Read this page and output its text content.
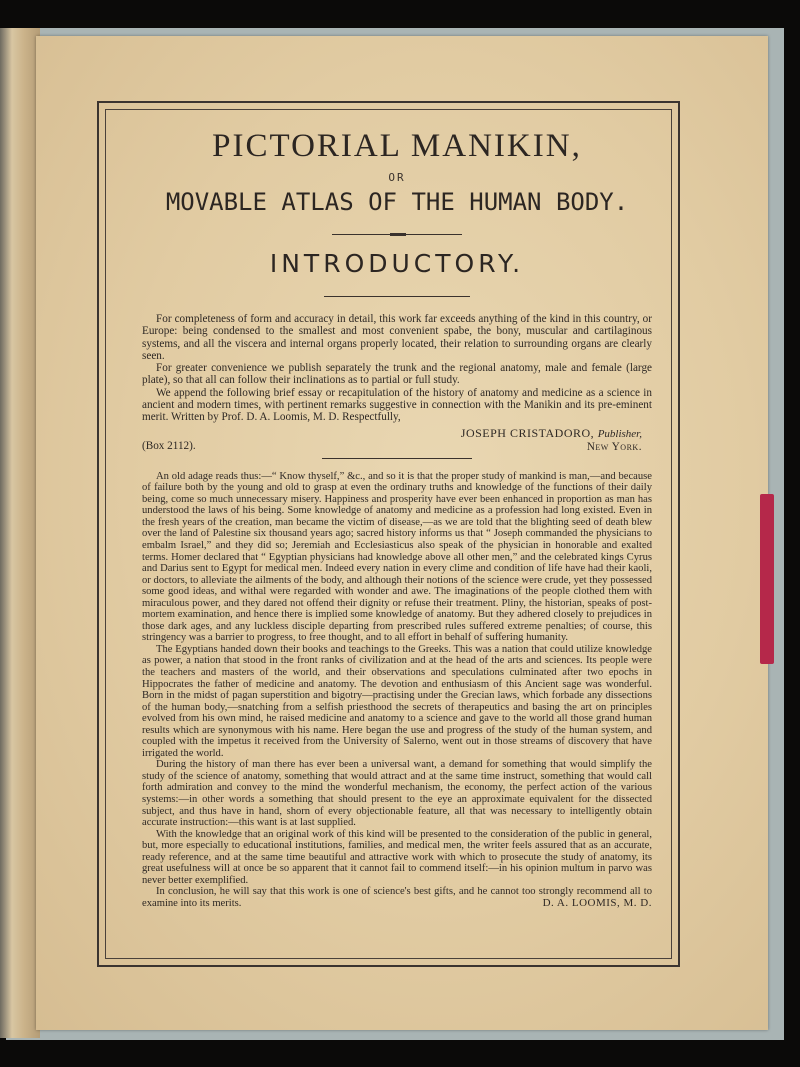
PICTORIAL MANIKIN,
OR
MOVABLE ATLAS OF THE HUMAN BODY.
INTRODUCTORY.

For completeness of form and accuracy in detail, this work far exceeds anything of the kind in this country, or Europe: being condensed to the smallest and most convenient spabe, the bony, muscular and cartilaginous systems, and all the viscera and internal organs properly located, their relation to surrounding organs are clearly seen.

For greater convenience we publish separately the trunk and the regional anatomy, male and female (large plate), so that all can follow their inclinations as to partial or full study.

We append the following brief essay or recapitulation of the history of anatomy and medicine as a science in ancient and modern times, with pertinent remarks suggestive in connection with the Manikin and its pre-eminent merit. Written by Prof. D. A. Loomis, M. D. Respectfully,

JOSEPH CRISTADORO, Publisher,
(Box 2112).	New York.

An old adage reads thus:—“ Know thyself,” &c., and so it is that the proper study of mankind is man,—and because of failure both by the young and old to grasp at even the ordinary truths and knowledge of the functions of their daily being, come so much unnecessary misery. Happiness and prosperity have ever been enhanced in proportion as man has understood the laws of his being. Some knowledge of anatomy and medicine as a profession had long existed. Even in the fresh years of the creation, man became the victim of disease,—as we are told that the blighting seed of death blew over the land of Palestine six thousand years ago; sacred history informs us that “ Joseph commanded the physicians to embalm Israel,” and they did so; Jeremiah and Ecclesiasticus also speak of the physician in honorable and exalted terms. Homer declared that “ Egyptian physicians had knowledge above all other men,” and the celebrated kings Cyrus and Darius sent to Egypt for medical men. Indeed every nation in every clime and condition of life have had their kaoli, or doctors, to alleviate the ailments of the body, and although their notions of the science were crude, yet they possessed some good ideas, and withal were regarded with wonder and awe. The imaginations of the people clothed them with miraculous power, and they dared not offend their dignity or refuse their treatment. Pliny, the historian, speaks of post-mortem examination, and hence there is implied some knowledge of anatomy. But they adhered closely to prejudices in those dark ages, and any luckless disciple departing from prescribed rules suffered extreme penalties; of course, this stringency was a barrier to progress, to free thought, and to all effort in behalf of suffering humanity.

The Egyptians handed down their books and teachings to the Greeks. This was a nation that could utilize knowledge as power, a nation that stood in the front ranks of civilization and at the head of the arts and sciences. Its people were the teachers and masters of the world, and their observations and speculations culminated after two epochs in Hippocrates the father of medicine and anatomy. The devotion and enthusiasm of this Ancient sage was wonderful. Born in the midst of pagan superstition and bigotry—practising under the Grecian laws, which forbade any dissections of the human body,—snatching from a selfish priesthood the secrets of therapeutics and basing the art on principles evolved from his own mind, he raised medicine and anatomy to a science and gave to the world all those grand human results which are synonymous with his name. Here began the use and progress of the study of the human system, and coupled with the impetus it received from the University of Salerno, went out in those streams of discovery that have irrigated the world.

During the history of man there has ever been a universal want, a demand for something that would simplify the study of the science of anatomy, something that would attract and at the same time instruct, something that would call forth admiration and convey to the mind the wonderful mechanism, the economy, the perfect action of the various systems:—in other words a something that should present to the eye an approximate equivalent for the dissected subject, and thus have in hand, shorn of every objectionable feature, all that was necessary to intelligently obtain accurate instruction:—this want is at last supplied.

With the knowledge that an original work of this kind will be presented to the consideration of the public in general, but, more especially to educational institutions, families, and medical men, the writer feels assured that as an accurate, ready reference, and at the same time beautiful and attractive work with which to prosecute the study of anatomy, its great usefulness will at once be so apparent that it cannot fail to commend itself:—in his opinion multum in parvo was never better exemplified.

In conclusion, he will say that this work is one of science's best gifts, and he cannot too strongly recommend all to examine into its merits.	D. A. LOOMIS, M. D.
